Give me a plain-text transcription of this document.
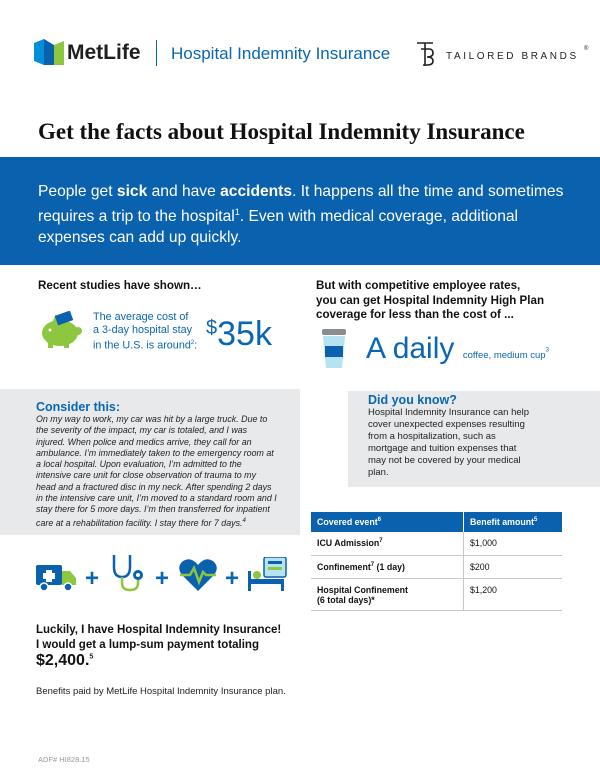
MetLife Hospital Indemnity Insurance	TAILORED BRANDS
®
Get the facts about Hospital Indemnity Insurance
People get sick and have accidents. It happens all the time and sometimes requires a trip to the hospital$^1$. Even with medical coverage, additional expenses can add up quickly.
Recent studies have shown…
The average cost of
a 3-day hospital stay
in the U.S. is around$^2$:
$35k
But with competitive employee rates,
you can get Hospital Indemnity High Plan
coverage for less than the cost of ...
A daily coffee, medium cup$^3$
Consider this:
On my way to work, my car was hit by a large truck. Due to
the severity of the impact, my car is totaled, and I was
injured. When police and medics arrive, they call for an
ambulance. I’m immediately taken to the emergency room at
a local hospital. Upon evaluation, I’m admitted to the
intensive care unit for close observation of trauma to my
head and a fractured disc in my neck. After spending 2 days
in the intensive care unit, I’m moved to a standard room and I
stay there for 5 more days. I’m then transferred for inpatient
care at a rehabilitation facility. I stay there for 7 days.$^4$
Did you know?
Hospital Indemnity Insurance can help
cover unexpected expenses resulting
from a hospitalization, such as
mortgage and tuition expenses that
may not be covered by your medical
plan.
Covered event$^6$	Benefit amount$^5$
ICU Admission$^7$	$1,000
Confinement$^7$ (1 day)	$200

Hospital Confinement
(6 total days)*	$1,200
+ + +
Luckily, I have Hospital Indemnity Insurance!
I would get a lump-sum payment totaling
$2,400.$^5$
Benefits paid by MetLife Hospital Indemnity Insurance plan.
ADF# HI828.15
